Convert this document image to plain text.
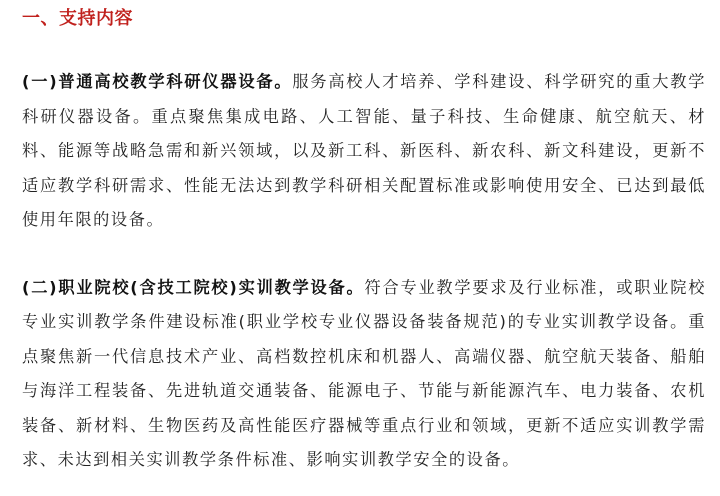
一、支持内容

(一)普通高校教学科研仪器设备。服务高校人才培养、学科建设、科学研究的重大教学科研仪器设备。重点聚焦集成电路、人工智能、量子科技、生命健康、航空航天、材料、能源等战略急需和新兴领域，以及新工科、新医科、新农科、新文科建设，更新不适应教学科研需求、性能无法达到教学科研相关配置标准或影响使用安全、已达到最低使用年限的设备。

(二)职业院校(含技工院校)实训教学设备。符合专业教学要求及行业标准，或职业院校专业实训教学条件建设标准(职业学校专业仪器设备装备规范)的专业实训教学设备。重点聚焦新一代信息技术产业、高档数控机床和机器人、高端仪器、航空航天装备、船舶与海洋工程装备、先进轨道交通装备、能源电子、节能与新能源汽车、电力装备、农机装备、新材料、生物医药及高性能医疗器械等重点行业和领域，更新不适应实训教学需求、未达到相关实训教学条件标准、影响实训教学安全的设备。
